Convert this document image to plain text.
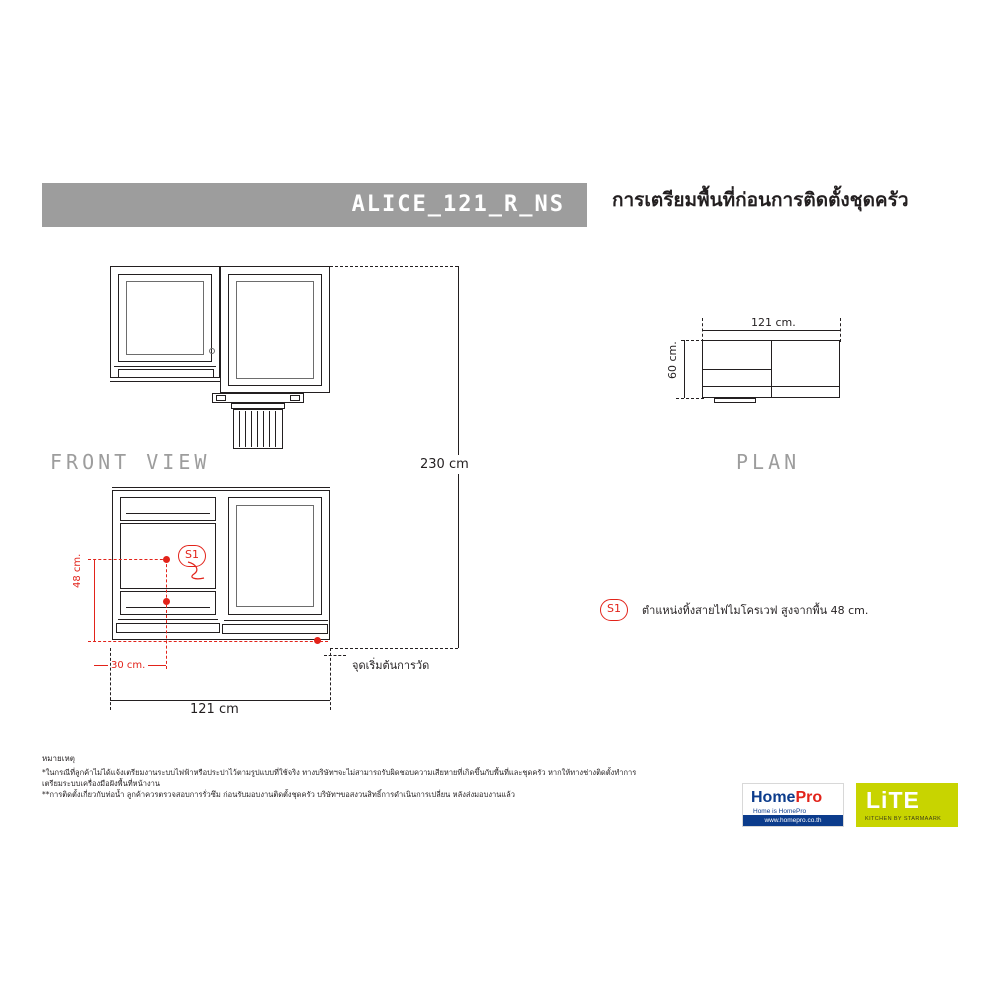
ALICE_121_R_NS การเตรียมพื้นที่ก่อนการติดตั้งชุดครัว
FRONT VIEW
S1
48 cm.
30 cm.	จุดเริ่มต้นการวัด
230 cm
121 cm
121 cm.
60 cm.
PLAN
S1	ตำแหน่งทิ้งสายไฟไมโครเวฟ สูงจากพื้น 48 cm.
หมายเหตุ
*ในกรณีที่ลูกค้าไม่ได้แจ้งเตรียมงานระบบไฟฟ้าหรือประปาไว้ตามรูปแบบที่ใช้จริง ทางบริษัทฯจะไม่สามารถรับผิดชอบความเสียหายที่เกิดขึ้นกับพื้นที่และชุดครัว หากให้ทางช่างติดตั้งทำการเตรียมระบบเครื่องมือฝังพื้นที่หน้างาน
**การติดตั้งเกี่ยวกับท่อน้ำ ลูกค้าควรตรวจสอบการรั่วซึม ก่อนรับมอบงานติดตั้งชุดครัว บริษัทฯขอสงวนสิทธิ์การดำเนินการเปลี่ยน หลังส่งมอบงานแล้ว	HomePro
Home is HomePro
www.homepro.co.th
LiTE
KITCHEN BY STARMAARK
